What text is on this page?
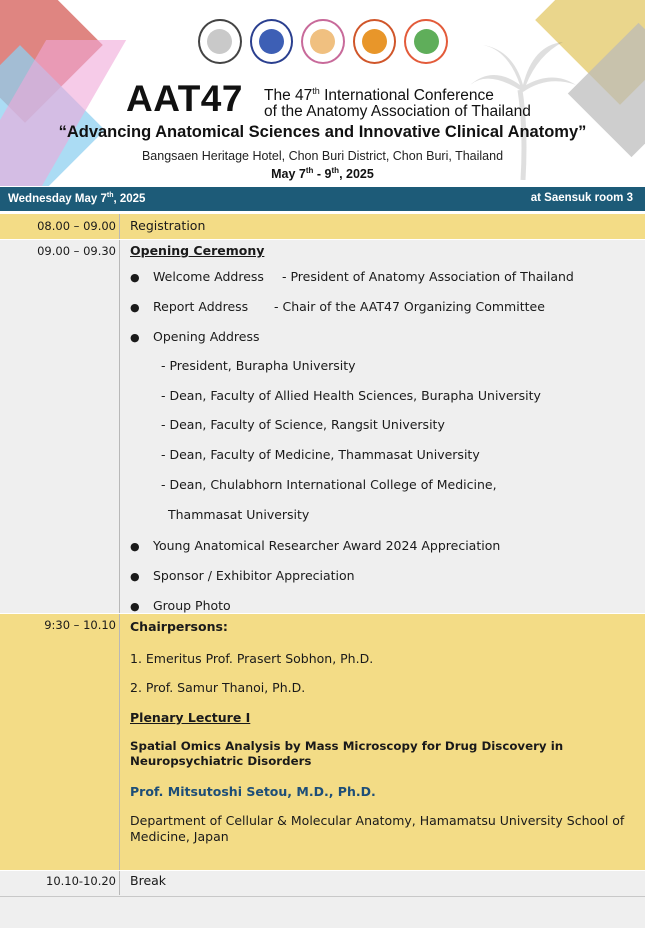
AAT47 The 47th International Conference
of the Anatomy Association of Thailand
“Advancing Anatomical Sciences and Innovative Clinical Anatomy”
Bangsaen Heritage Hotel, Chon Buri District, Chon Buri, Thailand
May 7th - 9th, 2025
Wednesday May 7th, 2025	at Saensuk room 3
08.00 – 09.00	Registration
09.00 – 09.30	Opening Ceremony
● Welcome Address - President of Anatomy Association of Thailand
● Report Address - Chair of the AAT47 Organizing Committee
● Opening Address
- President, Burapha University
- Dean, Faculty of Allied Health Sciences, Burapha University
- Dean, Faculty of Science, Rangsit University
- Dean, Faculty of Medicine, Thammasat University
- Dean, Chulabhorn International College of Medicine,
Thammasat University
● Young Anatomical Researcher Award 2024 Appreciation
● Sponsor / Exhibitor Appreciation
● Group Photo
9:30 – 10.10	Chairpersons:
1. Emeritus Prof. Prasert Sobhon, Ph.D.
2. Prof. Samur Thanoi, Ph.D.
Plenary Lecture I
Spatial Omics Analysis by Mass Microscopy for Drug Discovery in Neuropsychiatric Disorders
Prof. Mitsutoshi Setou, M.D., Ph.D.
Department of Cellular & Molecular Anatomy, Hamamatsu University School of Medicine, Japan
10.10-10.20	Break
